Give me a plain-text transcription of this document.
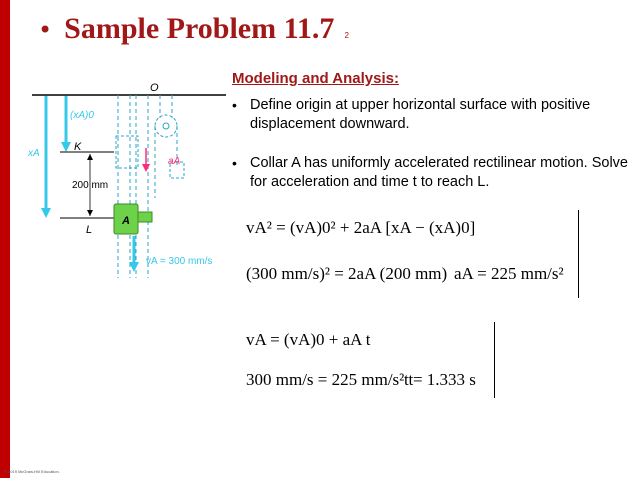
• Sample Problem 11.7 2
O
(xA)0
xA
K
aA
200 mm
A
L
vA = 300 mm/s
Modeling and Analysis:
• Define origin at upper horizontal surface with positive displacement downward.
• Collar A has uniformly accelerated rectilinear motion. Solve for acceleration and time t to reach L.
vA² = (vA)0² + 2aA [xA − (xA)0]
(300 mm/s)² = 2aA (200 mm) aA = 225 mm/s²
vA = (vA)0 + aA t
300 mm/s = 225 mm/s² t
t = 1.333 s
© 2019 McGraw-Hill Education.
